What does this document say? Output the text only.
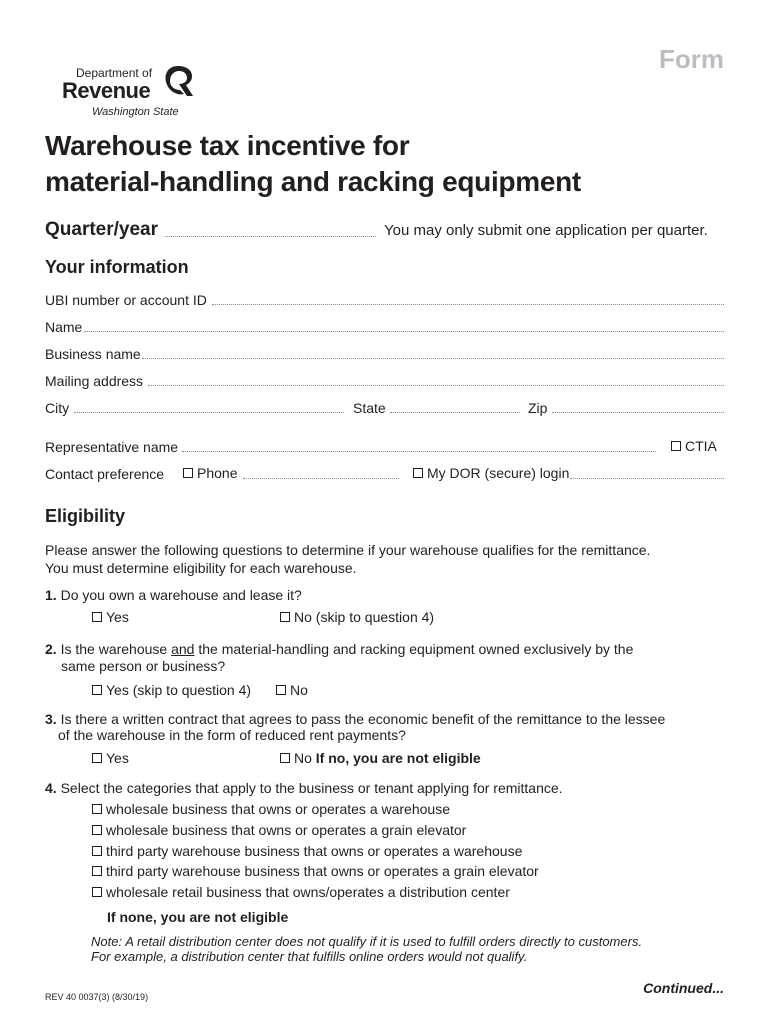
Form
Department of
Revenue
Washington State
Warehouse tax incentive for
material-handling and racking equipment
Quarter/year	You may only submit one application per quarter.
Your information
UBI number or account ID
Name
Business name
Mailing address
City	State	Zip
Representative name	CTIA
Contact preference Phone	My DOR (secure) login
Eligibility
Please answer the following questions to determine if your warehouse qualifies for the remittance.
You must determine eligibility for each warehouse.
1. Do you own a warehouse and lease it?
Yes	No (skip to question 4)
2. Is the warehouse and the material-handling and racking equipment owned exclusively by the
same person or business?
Yes (skip to question 4)	No
3. Is there a written contract that agrees to pass the economic benefit of the remittance to the lessee
of the warehouse in the form of reduced rent payments?
Yes	No
If no, you are not eligible
4. Select the categories that apply to the business or tenant applying for remittance.
wholesale business that owns or operates a warehouse
wholesale business that owns or operates a grain elevator
third party warehouse business that owns or operates a warehouse
third party warehouse business that owns or operates a grain elevator
wholesale retail business that owns/operates a distribution center
If none, you are not eligible
Note: A retail distribution center does not qualify if it is used to fulfill orders directly to customers.
For example, a distribution center that fulfills online orders would not qualify.
REV 40 0037(3) (8/30/19)
Continued...
